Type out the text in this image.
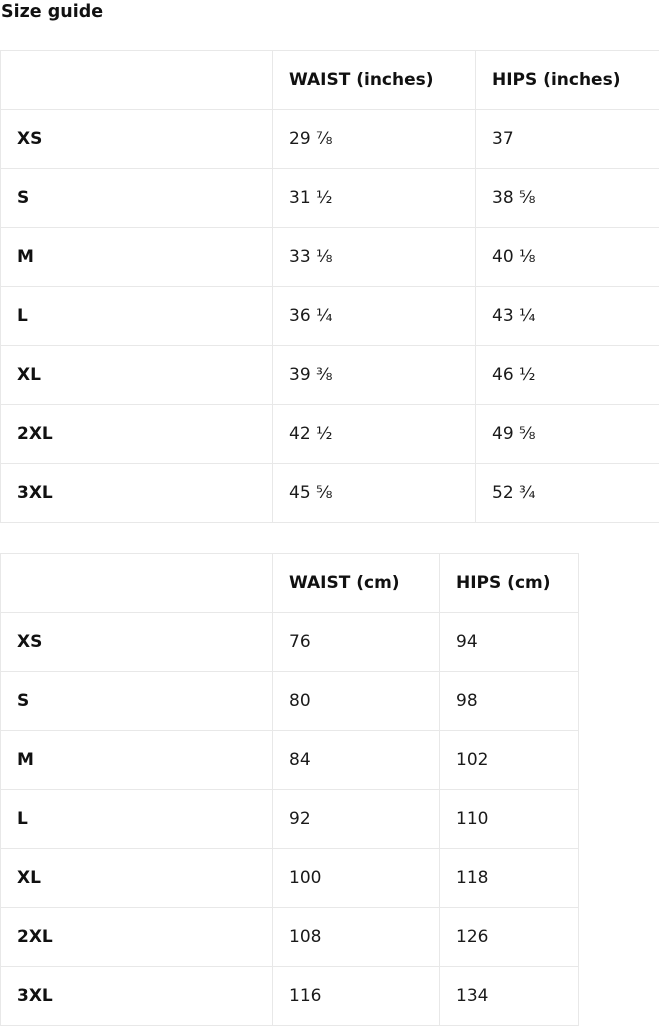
Size guide
	WAIST (inches)	HIPS (inches)
XS	29 ⅞	37
S	31 ½	38 ⅝
M	33 ⅛	40 ⅛
L	36 ¼	43 ¼
XL	39 ⅜	46 ½
2XL	42 ½	49 ⅝
3XL	45 ⅝	52 ¾
	WAIST (cm)	HIPS (cm)
XS	76	94
S	80	98
M	84	102
L	92	110
XL	100	118
2XL	108	126
3XL	116	134
